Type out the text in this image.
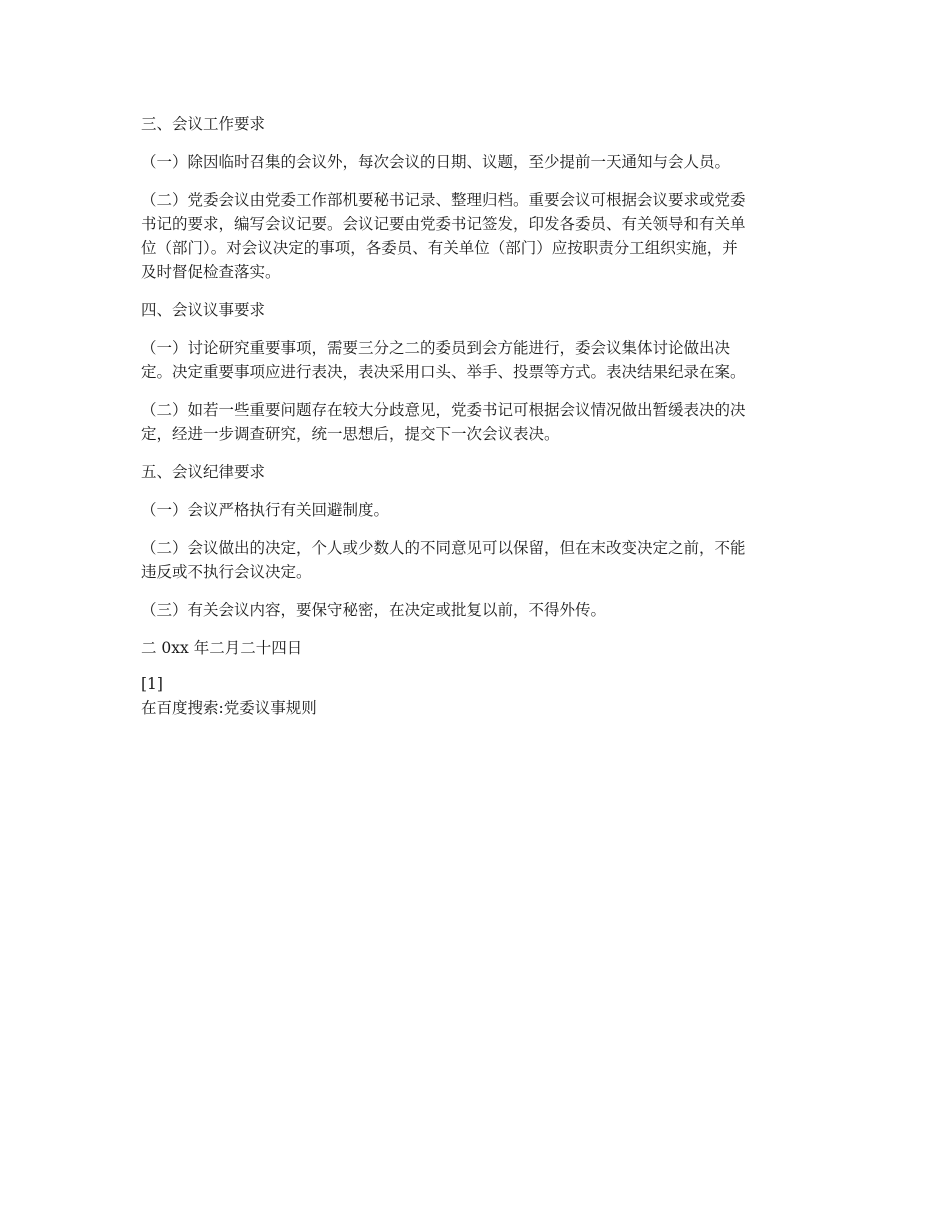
三、会议工作要求

（一）除因临时召集的会议外，每次会议的日期、议题，至少提前一天通知与会人员。

（二）党委会议由党委工作部机要秘书记录、整理归档。重要会议可根据会议要求或党委

书记的要求，编写会议记要。会议记要由党委书记签发，印发各委员、有关领导和有关单

位（部门）。对会议决定的事项，各委员、有关单位（部门）应按职责分工组织实施，并

及时督促检查落实。

四、会议议事要求

（一）讨论研究重要事项，需要三分之二的委员到会方能进行，委会议集体讨论做出决

定。决定重要事项应进行表决，表决采用口头、举手、投票等方式。表决结果纪录在案。

（二）如若一些重要问题存在较大分歧意见，党委书记可根据会议情况做出暂缓表决的决

定，经进一步调查研究，统一思想后，提交下一次会议表决。

五、会议纪律要求

（一）会议严格执行有关回避制度。

（二）会议做出的决定，个人或少数人的不同意见可以保留，但在末改变决定之前，不能

违反或不执行会议决定。

（三）有关会议内容，要保守秘密，在决定或批复以前，不得外传。

二 0xx 年二月二十四日

[1]

在百度搜索:党委议事规则
